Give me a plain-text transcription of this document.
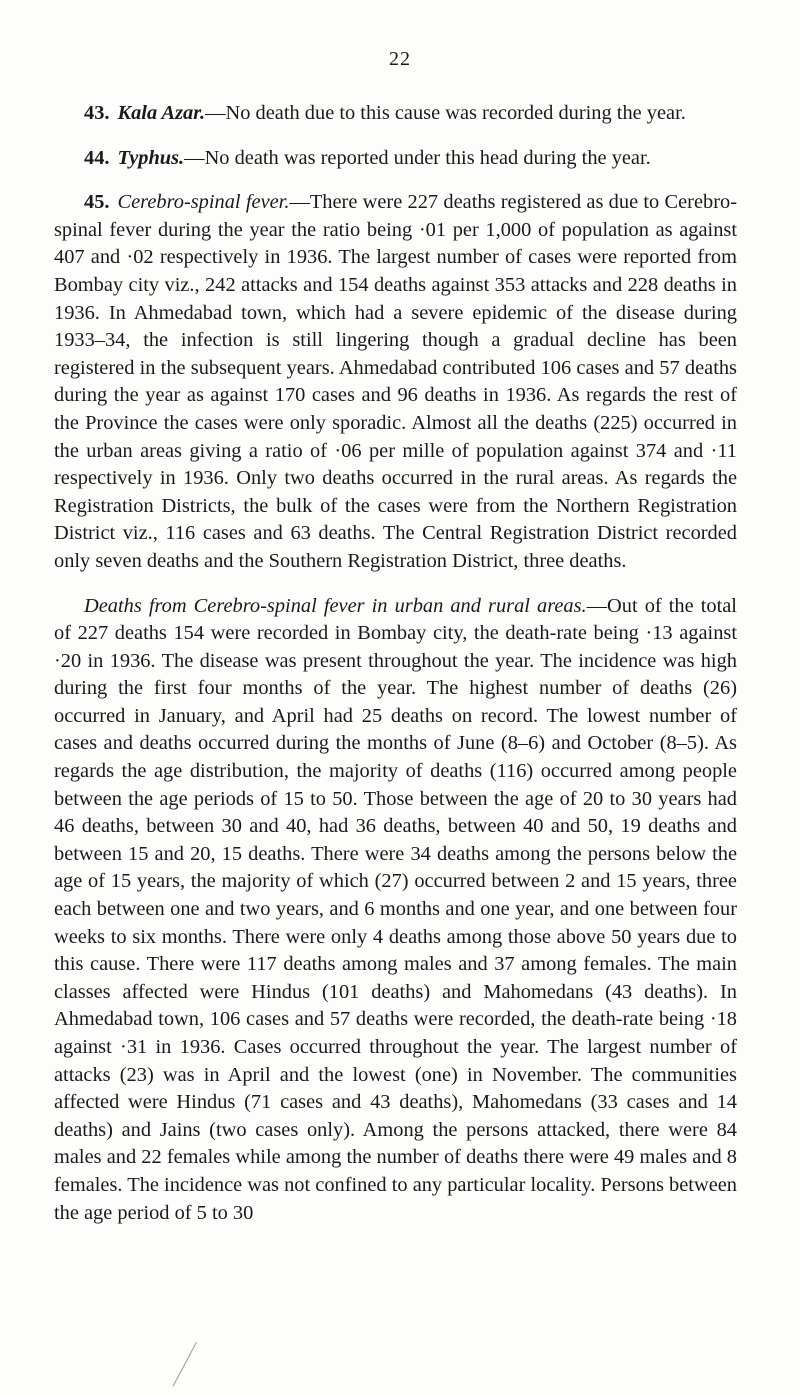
22

43. Kala Azar.—No death due to this cause was recorded during the year.

44. Typhus.—No death was reported under this head during the year.

45. Cerebro-spinal fever.—There were 227 deaths registered as due to Cerebro-spinal fever during the year the ratio being ·01 per 1,000 of population as against 407 and ·02 respectively in 1936. The largest number of cases were reported from Bombay city viz., 242 attacks and 154 deaths against 353 attacks and 228 deaths in 1936. In Ahmedabad town, which had a severe epidemic of the disease during 1933–34, the infection is still lingering though a gradual decline has been registered in the subsequent years. Ahmedabad contributed 106 cases and 57 deaths during the year as against 170 cases and 96 deaths in 1936. As regards the rest of the Province the cases were only sporadic. Almost all the deaths (225) occurred in the urban areas giving a ratio of ·06 per mille of population against 374 and ·11 respectively in 1936. Only two deaths occurred in the rural areas. As regards the Registration Districts, the bulk of the cases were from the Northern Registration District viz., 116 cases and 63 deaths. The Central Registration District recorded only seven deaths and the Southern Registration District, three deaths.

Deaths from Cerebro-spinal fever in urban and rural areas.—Out of the total of 227 deaths 154 were recorded in Bombay city, the death-rate being ·13 against ·20 in 1936. The disease was present throughout the year. The incidence was high during the first four months of the year. The highest number of deaths (26) occurred in January, and April had 25 deaths on record. The lowest number of cases and deaths occurred during the months of June (8–6) and October (8–5). As regards the age distribution, the majority of deaths (116) occurred among people between the age periods of 15 to 50. Those between the age of 20 to 30 years had 46 deaths, between 30 and 40, had 36 deaths, between 40 and 50, 19 deaths and between 15 and 20, 15 deaths. There were 34 deaths among the persons below the age of 15 years, the majority of which (27) occurred between 2 and 15 years, three each between one and two years, and 6 months and one year, and one between four weeks to six months. There were only 4 deaths among those above 50 years due to this cause. There were 117 deaths among males and 37 among females. The main classes affected were Hindus (101 deaths) and Mahomedans (43 deaths). In Ahmedabad town, 106 cases and 57 deaths were recorded, the death-rate being ·18 against ·31 in 1936. Cases occurred throughout the year. The largest number of attacks (23) was in April and the lowest (one) in November. The communities affected were Hindus (71 cases and 43 deaths), Mahomedans (33 cases and 14 deaths) and Jains (two cases only). Among the persons attacked, there were 84 males and 22 females while among the number of deaths there were 49 males and 8 females. The incidence was not confined to any particular locality. Persons between the age period of 5 to 30
